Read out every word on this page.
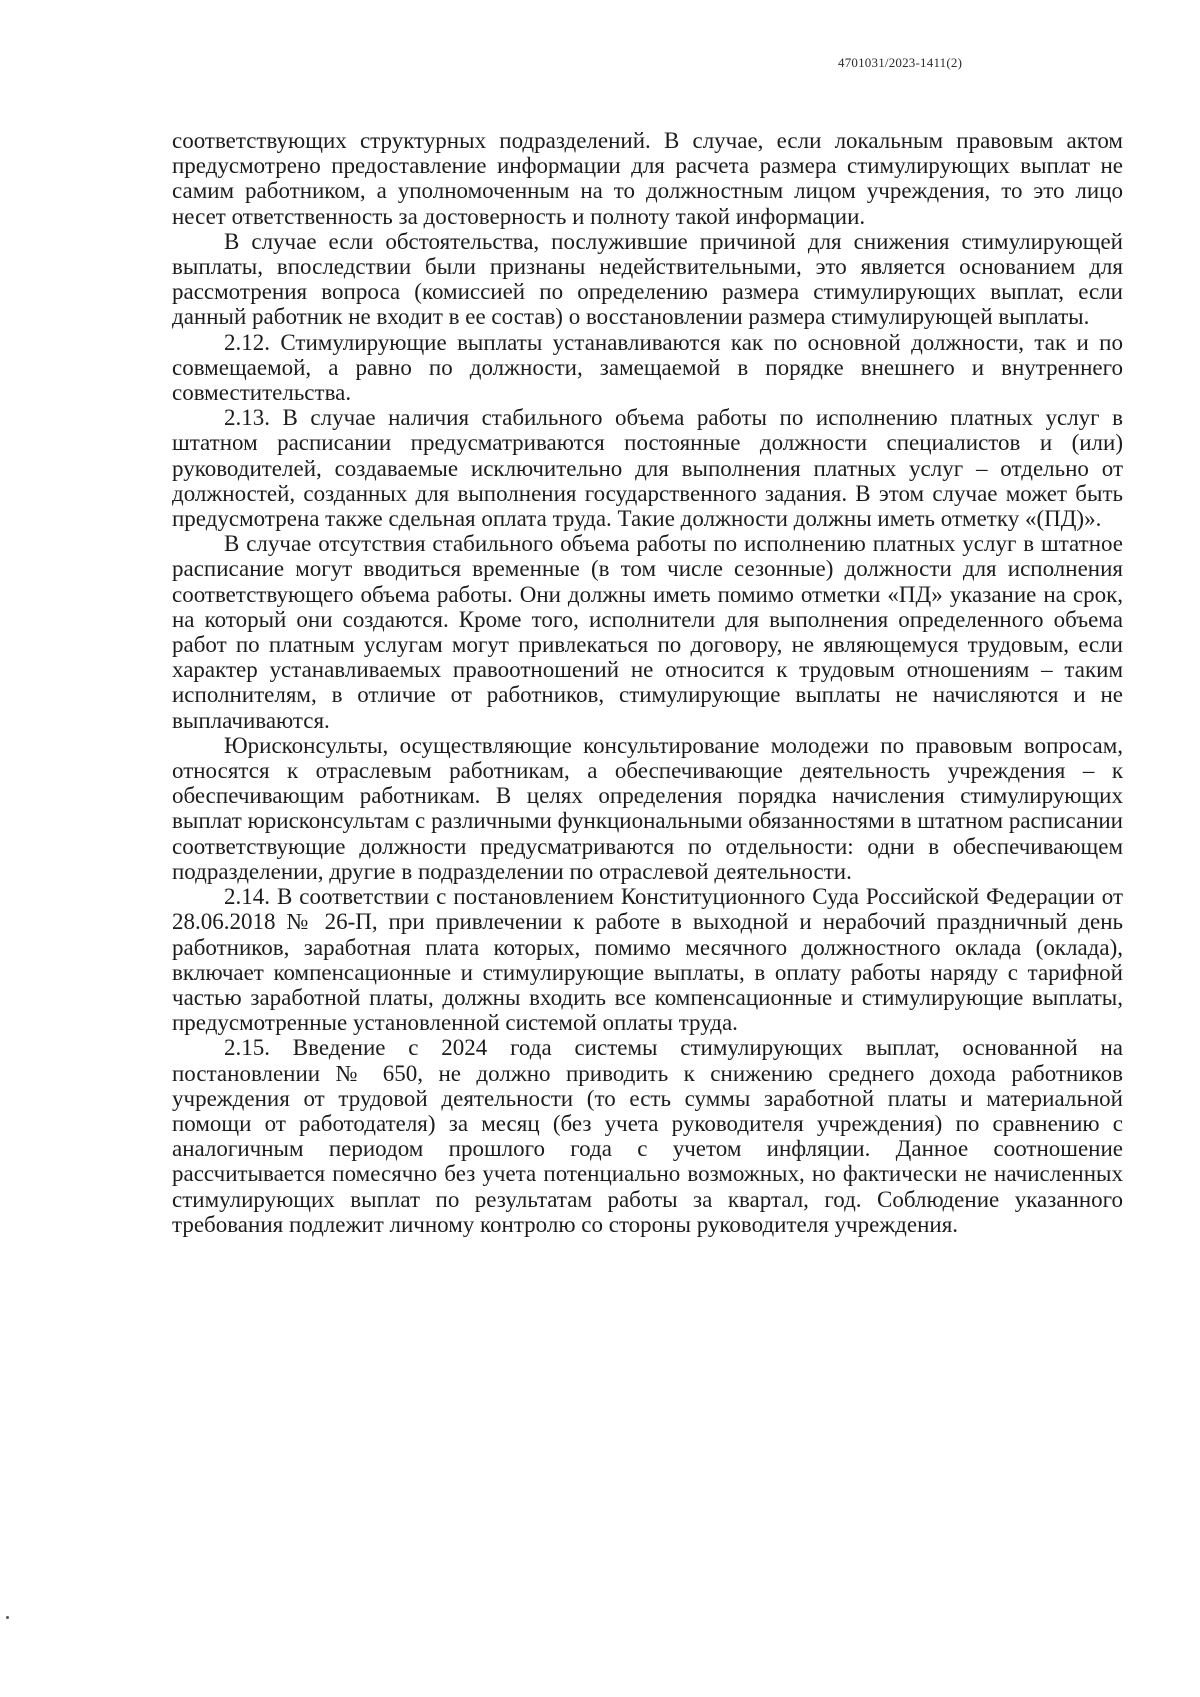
4701031/2023-1411(2)

соответствующих структурных подразделений. В случае, если локальным правовым актом предусмотрено предоставление информации для расчета размера стимулирующих выплат не самим работником, а уполномоченным на то должностным лицом учреждения, то это лицо несет ответственность за достоверность и полноту такой информации.

В случае если обстоятельства, послужившие причиной для снижения стимулирующей выплаты, впоследствии были признаны недействительными, это является основанием для рассмотрения вопроса (комиссией по определению размера стимулирующих выплат, если данный работник не входит в ее состав) о восстановлении размера стимулирующей выплаты.

2.12. Стимулирующие выплаты устанавливаются как по основной должности, так и по совмещаемой, а равно по должности, замещаемой в порядке внешнего и внутреннего совместительства.

2.13. В случае наличия стабильного объема работы по исполнению платных услуг в штатном расписании предусматриваются постоянные должности специалистов и (или) руководителей, создаваемые исключительно для выполнения платных услуг – отдельно от должностей, созданных для выполнения государственного задания. В этом случае может быть предусмотрена также сдельная оплата труда. Такие должности должны иметь отметку «(ПД)».

В случае отсутствия стабильного объема работы по исполнению платных услуг в штатное расписание могут вводиться временные (в том числе сезонные) должности для исполнения соответствующего объема работы. Они должны иметь помимо отметки «ПД» указание на срок, на который они создаются. Кроме того, исполнители для выполнения определенного объема работ по платным услугам могут привлекаться по договору, не являющемуся трудовым, если характер устанавливаемых правоотношений не относится к трудовым отношениям – таким исполнителям, в отличие от работников, стимулирующие выплаты не начисляются и не выплачиваются.

Юрисконсульты, осуществляющие консультирование молодежи по правовым вопросам, относятся к отраслевым работникам, а обеспечивающие деятельность учреждения – к обеспечивающим работникам. В целях определения порядка начисления стимулирующих выплат юрисконсультам с различными функциональными обязанностями в штатном расписании соответствующие должности предусматриваются по отдельности: одни в обеспечивающем подразделении, другие в подразделении по отраслевой деятельности.

2.14. В соответствии с постановлением Конституционного Суда Российской Федерации от 28.06.2018 № 26-П, при привлечении к работе в выходной и нерабочий праздничный день работников, заработная плата которых, помимо месячного должностного оклада (оклада), включает компенсационные и стимулирующие выплаты, в оплату работы наряду с тарифной частью заработной платы, должны входить все компенсационные и стимулирующие выплаты, предусмотренные установленной системой оплаты труда.

2.15. Введение с 2024 года системы стимулирующих выплат, основанной на постановлении № 650, не должно приводить к снижению среднего дохода работников учреждения от трудовой деятельности (то есть суммы заработной платы и материальной помощи от работодателя) за месяц (без учета руководителя учреждения) по сравнению с аналогичным периодом прошлого года с учетом инфляции. Данное соотношение рассчитывается помесячно без учета потенциально возможных, но фактически не начисленных стимулирующих выплат по результатам работы за квартал, год. Соблюдение указанного требования подлежит личному контролю со стороны руководителя учреждения.
